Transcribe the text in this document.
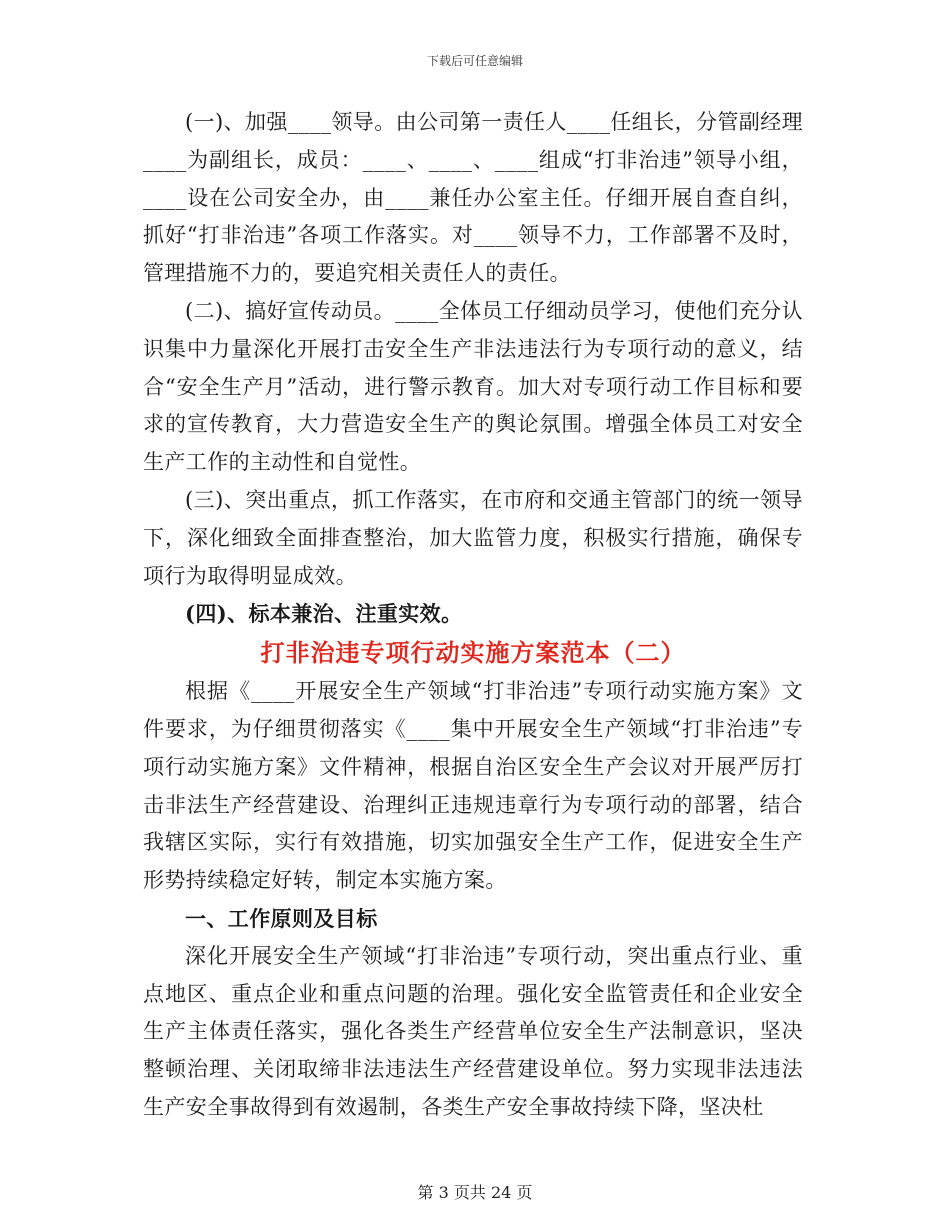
下载后可任意编辑

(一)、加强____领导。由公司第一责任人____任组长，分管副经理____为副组长，成员：____、____、____组成“打非治违”领导小组，____设在公司安全办，由____兼任办公室主任。仔细开展自查自纠，抓好“打非治违”各项工作落实。对____领导不力，工作部署不及时，管理措施不力的，要追究相关责任人的责任。

(二)、搞好宣传动员。____全体员工仔细动员学习，使他们充分认识集中力量深化开展打击安全生产非法违法行为专项行动的意义，结合“安全生产月”活动，进行警示教育。加大对专项行动工作目标和要求的宣传教育，大力营造安全生产的舆论氛围。增强全体员工对安全生产工作的主动性和自觉性。

(三)、突出重点，抓工作落实，在市府和交通主管部门的统一领导下，深化细致全面排查整治，加大监管力度，积极实行措施，确保专项行为取得明显成效。

(四)、标本兼治、注重实效。

打非治违专项行动实施方案范本（二）

根据《____开展安全生产领域“打非治违”专项行动实施方案》文件要求，为仔细贯彻落实《____集中开展安全生产领域“打非治违”专项行动实施方案》文件精神，根据自治区安全生产会议对开展严厉打击非法生产经营建设、治理纠正违规违章行为专项行动的部署，结合我辖区实际，实行有效措施，切实加强安全生产工作，促进安全生产形势持续稳定好转，制定本实施方案。

一、工作原则及目标

深化开展安全生产领域“打非治违”专项行动，突出重点行业、重点地区、重点企业和重点问题的治理。强化安全监管责任和企业安全生产主体责任落实，强化各类生产经营单位安全生产法制意识，坚决整顿治理、关闭取缔非法违法生产经营建设单位。努力实现非法违法生产安全事故得到有效遏制，各类生产安全事故持续下降，坚决杜

第 3 页共 24 页
